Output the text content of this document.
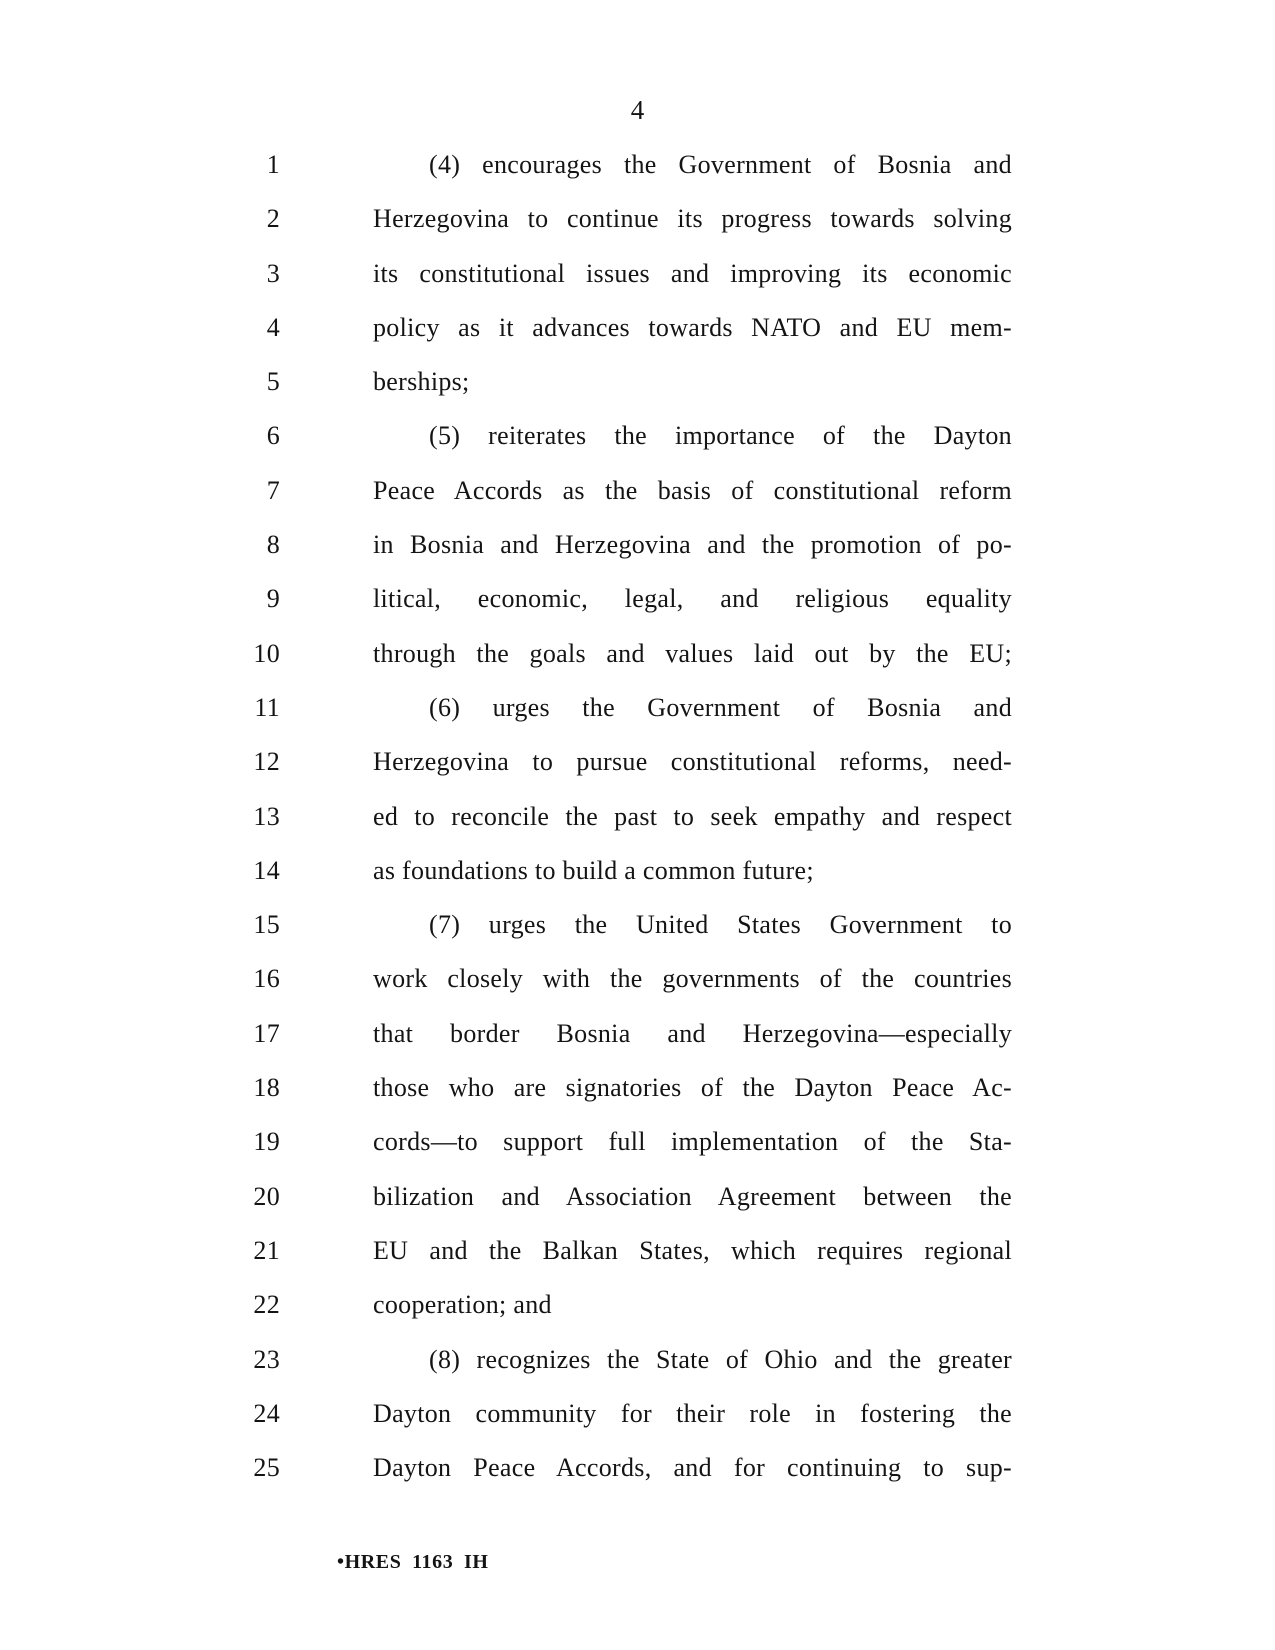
4
1	(4) encourages the Government of Bosnia and
2	Herzegovina to continue its progress towards solving
3	its constitutional issues and improving its economic
4	policy as it advances towards NATO and EU mem-
5	berships;
6	(5) reiterates the importance of the Dayton
7	Peace Accords as the basis of constitutional reform
8	in Bosnia and Herzegovina and the promotion of po-
9	litical, economic, legal, and religious equality
10	through the goals and values laid out by the EU;
11	(6) urges the Government of Bosnia and
12	Herzegovina to pursue constitutional reforms, need-
13	ed to reconcile the past to seek empathy and respect
14	as foundations to build a common future;
15	(7) urges the United States Government to
16	work closely with the governments of the countries
17	that border Bosnia and Herzegovina—especially
18	those who are signatories of the Dayton Peace Ac-
19	cords—to support full implementation of the Sta-
20	bilization and Association Agreement between the
21	EU and the Balkan States, which requires regional
22	cooperation; and
23	(8) recognizes the State of Ohio and the greater
24	Dayton community for their role in fostering the
25	Dayton Peace Accords, and for continuing to sup-
•HRES 1163 IH
